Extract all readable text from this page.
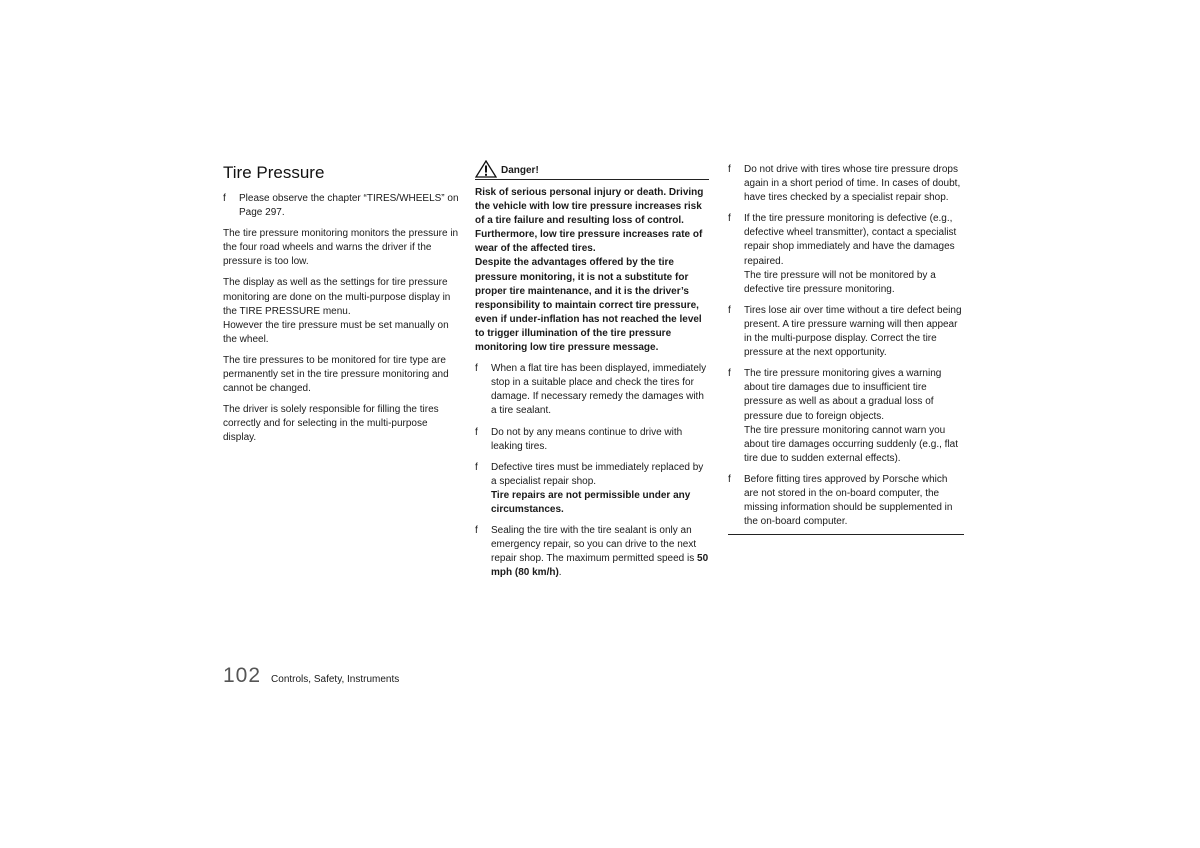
Tire Pressure
f Please observe the chapter “TIRES/WHEELS” on Page 297.

The tire pressure monitoring monitors the pressure in the four road wheels and warns the driver if the pressure is too low.

The display as well as the settings for tire pressure monitoring are done on the multi-purpose display in the TIRE PRESSURE menu.
However the tire pressure must be set manually on the wheel.

The tire pressures to be monitored for tire type are permanently set in the tire pressure monitoring and cannot be changed.

The driver is solely responsible for filling the tires correctly and for selecting in the multi-purpose display.

Danger!
Risk of serious personal injury or death. Driving the vehicle with low tire pressure increases risk of a tire failure and resulting loss of control. Furthermore, low tire pressure increases rate of wear of the affected tires.
Despite the advantages offered by the tire pressure monitoring, it is not a substitute for proper tire maintenance, and it is the driver’s responsibility to maintain correct tire pressure, even if under-inflation has not reached the level to trigger illumination of the tire pressure monitoring low tire pressure message.
f When a flat tire has been displayed, immediately stop in a suitable place and check the tires for damage. If necessary remedy the damages with a tire sealant.
f Do not by any means continue to drive with leaking tires.
f Defective tires must be immediately replaced by a specialist repair shop.
Tire repairs are not permissible under any circumstances.
f Sealing the tire with the tire sealant is only an emergency repair, so you can drive to the next repair shop. The maximum permitted speed is 50 mph (80 km/h).
f Do not drive with tires whose tire pressure drops again in a short period of time. In cases of doubt, have tires checked by a specialist repair shop.
f If the tire pressure monitoring is defective (e.g., defective wheel transmitter), contact a specialist repair shop immediately and have the damages repaired.
The tire pressure will not be monitored by a defective tire pressure monitoring.
f Tires lose air over time without a tire defect being present. A tire pressure warning will then appear in the multi-purpose display. Correct the tire pressure at the next opportunity.
f The tire pressure monitoring gives a warning about tire damages due to insufficient tire pressure as well as about a gradual loss of pressure due to foreign objects.
The tire pressure monitoring cannot warn you about tire damages occurring suddenly (e.g., flat tire due to sudden external effects).
f Before fitting tires approved by Porsche which are not stored in the on-board computer, the missing information should be supplemented in the on-board computer.
102 Controls, Safety, Instruments
